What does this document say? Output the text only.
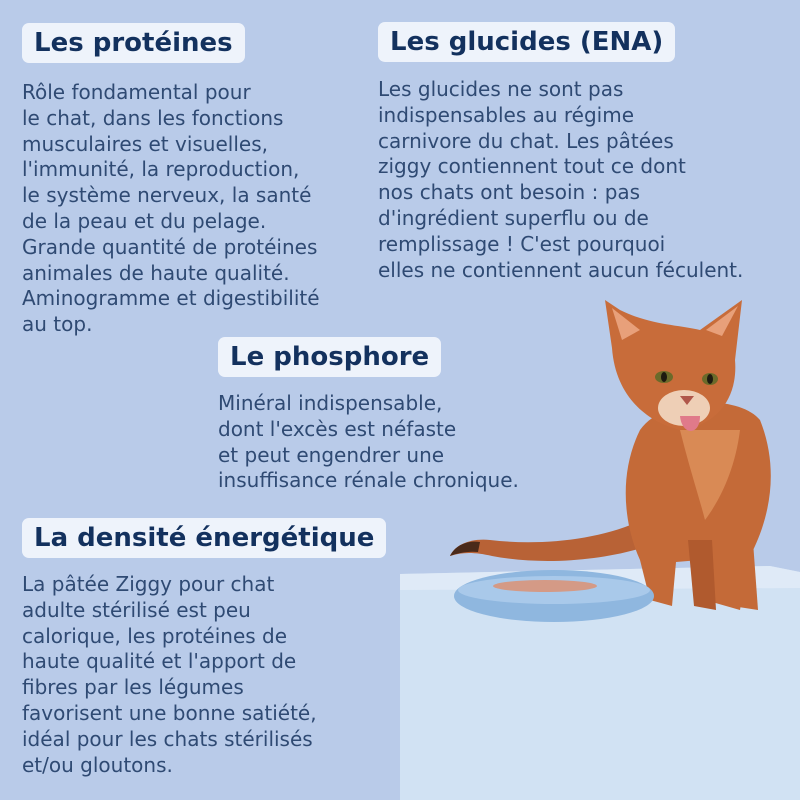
Les protéines

Rôle fondamental pour
le chat, dans les fonctions
musculaires et visuelles,
l'immunité, la reproduction,
le système nerveux, la santé
de la peau et du pelage.
Grande quantité de protéines
animales de haute qualité.
Aminogramme et digestibilité
au top.

Les glucides (ENA)

Les glucides ne sont pas
indispensables au régime
carnivore du chat. Les pâtées
ziggy contiennent tout ce dont
nos chats ont besoin : pas
d'ingrédient superflu ou de
remplissage ! C'est pourquoi
elles ne contiennent aucun féculent.

Le phosphore

Minéral indispensable,
dont l'excès est néfaste
et peut engendrer une
insuffisance rénale chronique.

La densité énergétique

La pâtée Ziggy pour chat
adulte stérilisé est peu
calorique, les protéines de
haute qualité et l'apport de
fibres par les légumes
favorisent une bonne satiété,
idéal pour les chats stérilisés
et/ou gloutons.
